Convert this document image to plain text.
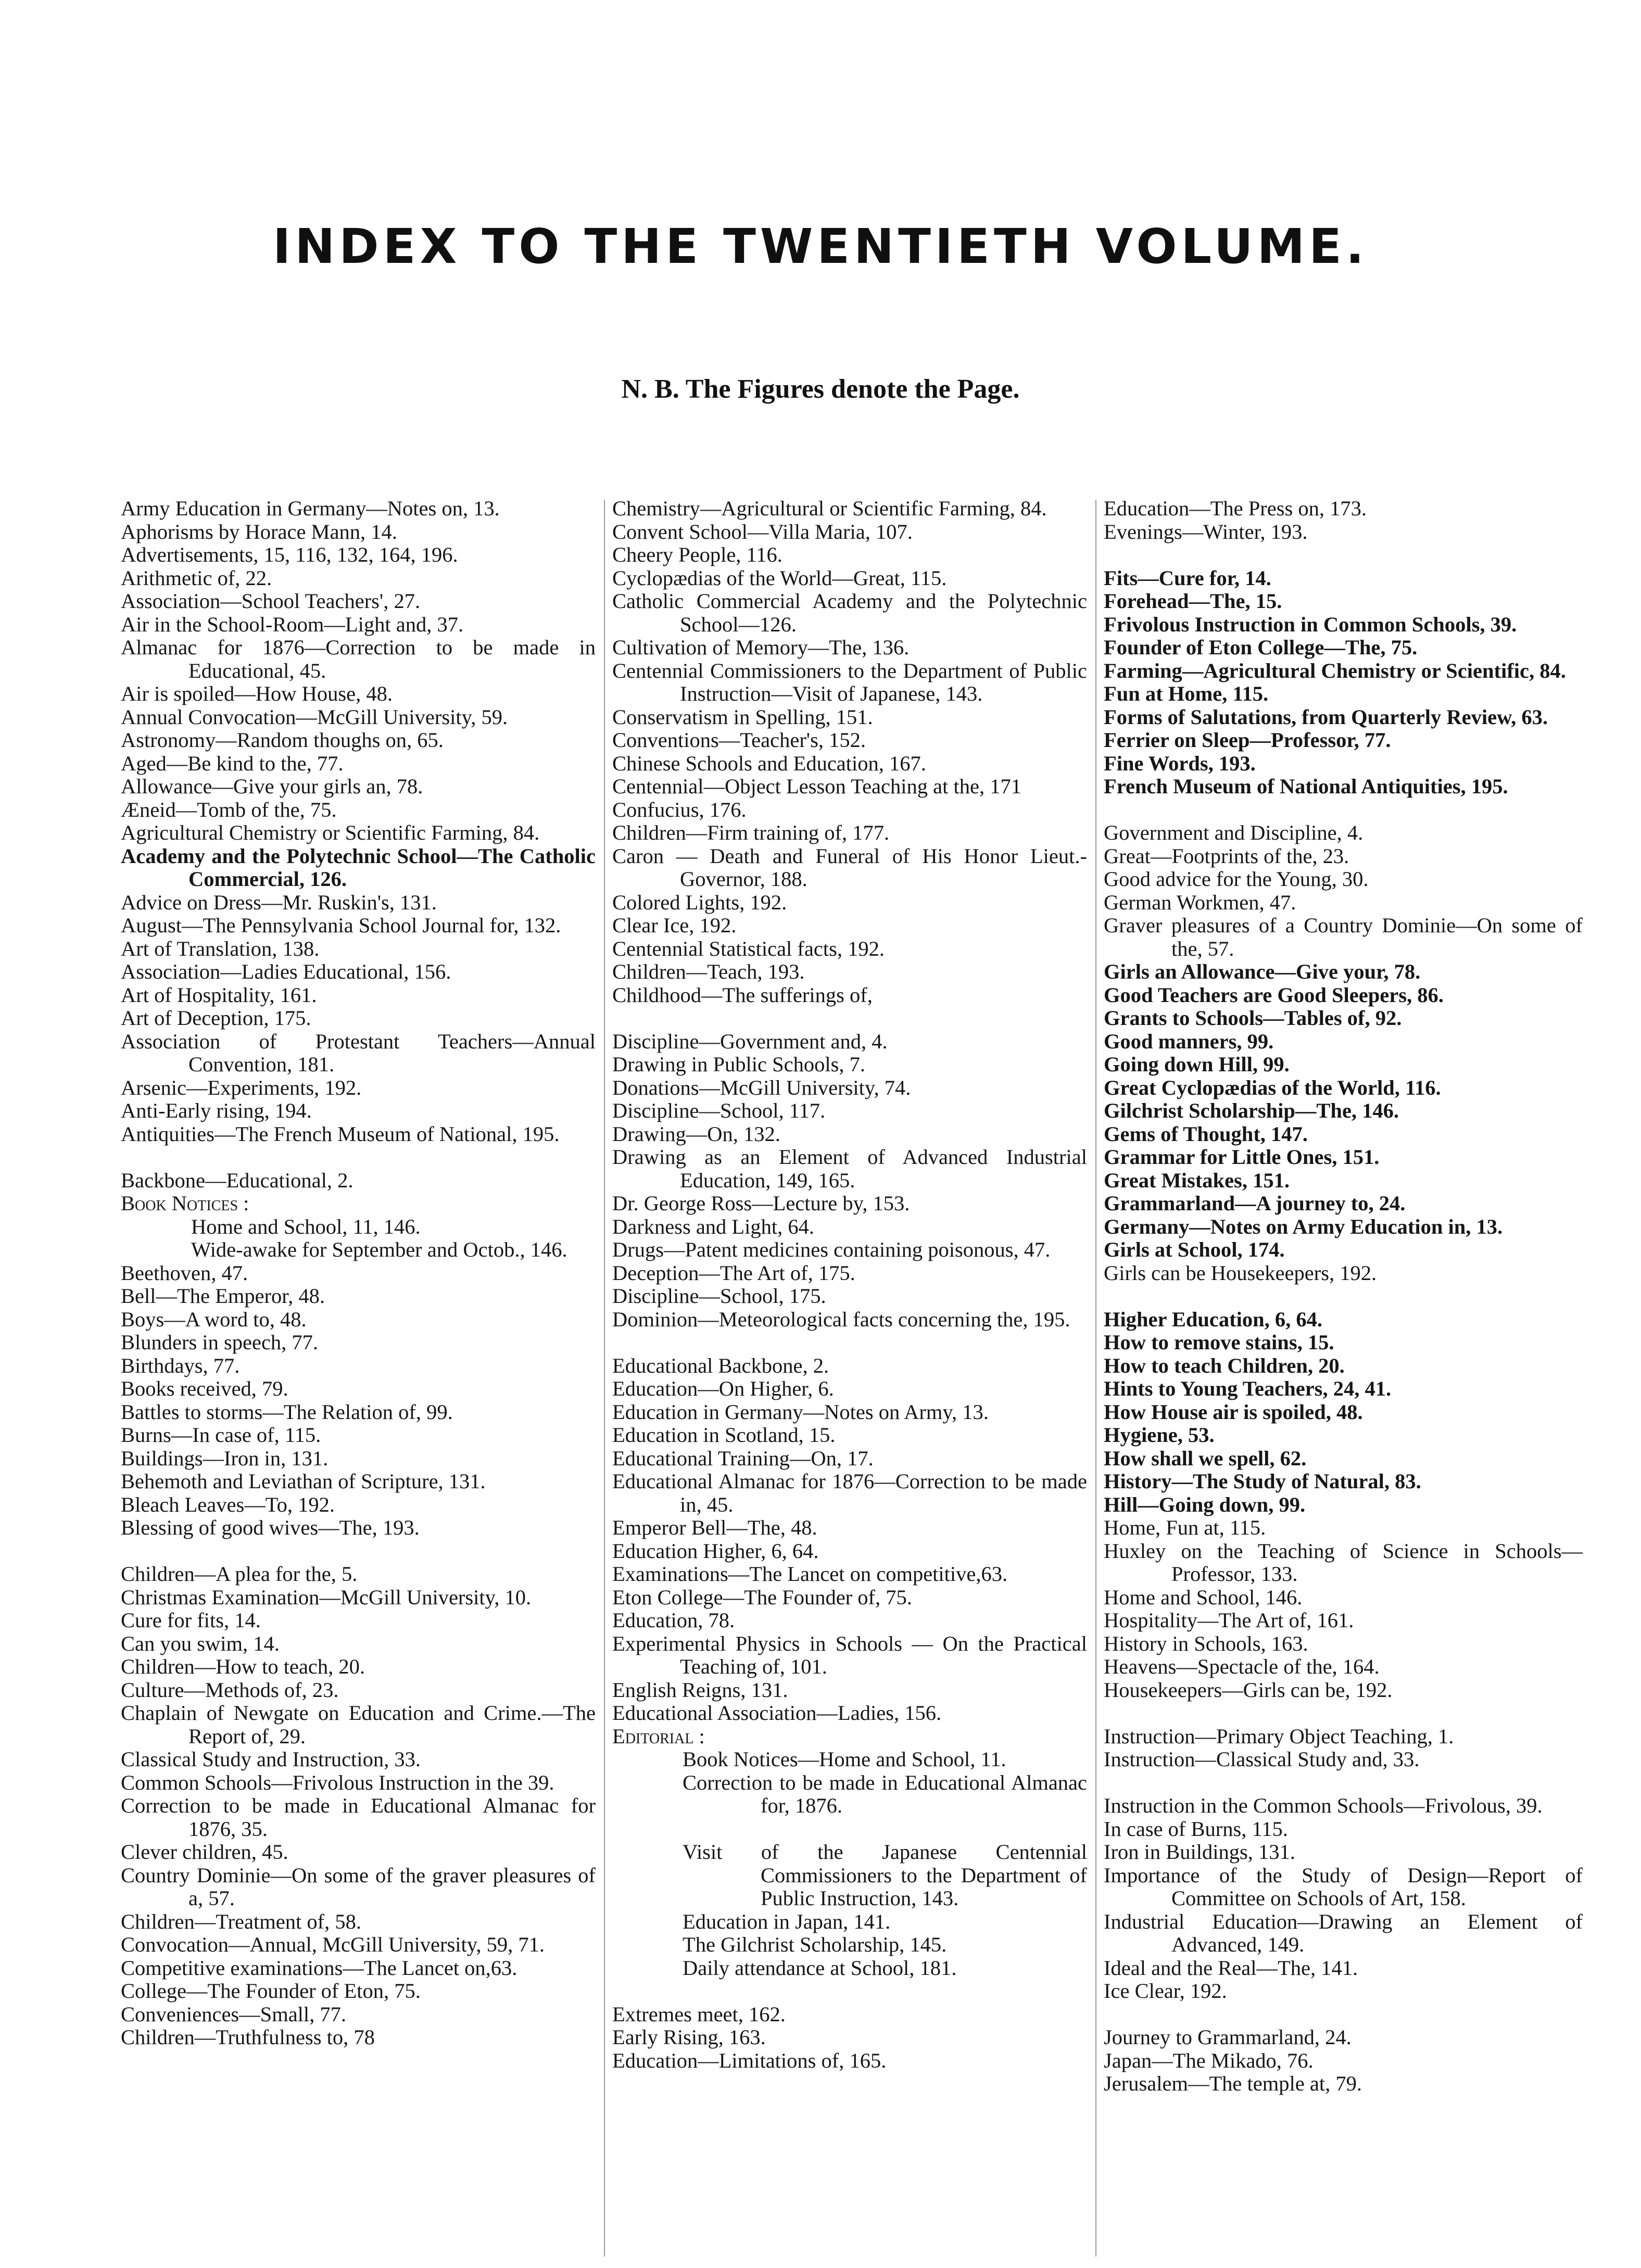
INDEX TO THE TWENTIETH VOLUME.
N. B. The Figures denote the Page.
Army Education in Germany—Notes on, 13.
Aphorisms by Horace Mann, 14.
Advertisements, 15, 116, 132, 164, 196.
Arithmetic of, 22.
Association—School Teachers', 27.
Air in the School-Room—Light and, 37.
Almanac for 1876—Correction to be made in Educational, 45.
Air is spoiled—How House, 48.
Annual Convocation—McGill University, 59.
Astronomy—Random thoughs on, 65.
Aged—Be kind to the, 77.
Allowance—Give your girls an, 78.
Æneid—Tomb of the, 75.
Agricultural Chemistry or Scientific Farming, 84.
Academy and the Polytechnic School—The Catholic Commercial, 126.
Advice on Dress—Mr. Ruskin's, 131.
August—The Pennsylvania School Journal for, 132.
Art of Translation, 138.
Association—Ladies Educational, 156.
Art of Hospitality, 161.
Art of Deception, 175.
Association of Protestant Teachers—Annual Convention, 181.
Arsenic—Experiments, 192.
Anti-Early rising, 194.
Antiquities—The French Museum of National, 195.
Backbone—Educational, 2.
Book Notices :
Home and School, 11, 146.
Wide-awake for September and Octob., 146.
Beethoven, 47.
Bell—The Emperor, 48.
Boys—A word to, 48.
Blunders in speech, 77.
Birthdays, 77.
Books received, 79.
Battles to storms—The Relation of, 99.
Burns—In case of, 115.
Buildings—Iron in, 131.
Behemoth and Leviathan of Scripture, 131.
Bleach Leaves—To, 192.
Blessing of good wives—The, 193.
Children—A plea for the, 5.
Christmas Examination—McGill University, 10.
Cure for fits, 14.
Can you swim, 14.
Children—How to teach, 20.
Culture—Methods of, 23.
Chaplain of Newgate on Education and Crime.—The Report of, 29.
Classical Study and Instruction, 33.
Common Schools—Frivolous Instruction in the 39.
Correction to be made in Educational Almanac for 1876, 35.
Clever children, 45.
Country Dominie—On some of the graver pleasures of a, 57.
Children—Treatment of, 58.
Convocation—Annual, McGill University, 59, 71.
Competitive examinations—The Lancet on,63.
College—The Founder of Eton, 75.
Conveniences—Small, 77.
Children—Truthfulness to, 78
Chemistry—Agricultural or Scientific Farming, 84.
Convent School—Villa Maria, 107.
Cheery People, 116.
Cyclopædias of the World—Great, 115.
Catholic Commercial Academy and the Polytechnic School—126.
Cultivation of Memory—The, 136.
Centennial Commissioners to the Department of Public Instruction—Visit of Japanese, 143.
Conservatism in Spelling, 151.
Conventions—Teacher's, 152.
Chinese Schools and Education, 167.
Centennial—Object Lesson Teaching at the, 171
Confucius, 176.
Children—Firm training of, 177.
Caron — Death and Funeral of His Honor Lieut.-Governor, 188.
Colored Lights, 192.
Clear Ice, 192.
Centennial Statistical facts, 192.
Children—Teach, 193.
Childhood—The sufferings of,
Discipline—Government and, 4.
Drawing in Public Schools, 7.
Donations—McGill University, 74.
Discipline—School, 117.
Drawing—On, 132.
Drawing as an Element of Advanced Industrial Education, 149, 165.
Dr. George Ross—Lecture by, 153.
Darkness and Light, 64.
Drugs—Patent medicines containing poisonous, 47.
Deception—The Art of, 175.
Discipline—School, 175.
Dominion—Meteorological facts concerning the, 195.
Educational Backbone, 2.
Education—On Higher, 6.
Education in Germany—Notes on Army, 13.
Education in Scotland, 15.
Educational Training—On, 17.
Educational Almanac for 1876—Correction to be made in, 45.
Emperor Bell—The, 48.
Education Higher, 6, 64.
Examinations—The Lancet on competitive,63.
Eton College—The Founder of, 75.
Education, 78.
Experimental Physics in Schools — On the Practical Teaching of, 101.
English Reigns, 131.
Educational Association—Ladies, 156.
Editorial :
Book Notices—Home and School, 11.
Correction to be made in Educational Almanac for, 1876.
Visit of the Japanese Centennial Commissioners to the Department of Public Instruction, 143.
Education in Japan, 141.
The Gilchrist Scholarship, 145.
Daily attendance at School, 181.
Extremes meet, 162.
Early Rising, 163.
Education—Limitations of, 165.
Education—The Press on, 173.
Evenings—Winter, 193.
Fits—Cure for, 14.
Forehead—The, 15.
Frivolous Instruction in Common Schools, 39.
Founder of Eton College—The, 75.
Farming—Agricultural Chemistry or Scientific, 84.
Fun at Home, 115.
Forms of Salutations, from Quarterly Review, 63.
Ferrier on Sleep—Professor, 77.
Fine Words, 193.
French Museum of National Antiquities, 195.
Government and Discipline, 4.
Great—Footprints of the, 23.
Good advice for the Young, 30.
German Workmen, 47.
Graver pleasures of a Country Dominie—On some of the, 57.
Girls an Allowance—Give your, 78.
Good Teachers are Good Sleepers, 86.
Grants to Schools—Tables of, 92.
Good manners, 99.
Going down Hill, 99.
Great Cyclopædias of the World, 116.
Gilchrist Scholarship—The, 146.
Gems of Thought, 147.
Grammar for Little Ones, 151.
Great Mistakes, 151.
Grammarland—A journey to, 24.
Germany—Notes on Army Education in, 13.
Girls at School, 174.
Girls can be Housekeepers, 192.
Higher Education, 6, 64.
How to remove stains, 15.
How to teach Children, 20.
Hints to Young Teachers, 24, 41.
How House air is spoiled, 48.
Hygiene, 53.
How shall we spell, 62.
History—The Study of Natural, 83.
Hill—Going down, 99.
Home, Fun at, 115.
Huxley on the Teaching of Science in Schools—Professor, 133.
Home and School, 146.
Hospitality—The Art of, 161.
History in Schools, 163.
Heavens—Spectacle of the, 164.
Housekeepers—Girls can be, 192.
Instruction—Primary Object Teaching, 1.
Instruction—Classical Study and, 33.
Instruction in the Common Schools—Frivolous, 39.
In case of Burns, 115.
Iron in Buildings, 131.
Importance of the Study of Design—Report of Committee on Schools of Art, 158.
Industrial Education—Drawing an Element of Advanced, 149.
Ideal and the Real—The, 141.
Ice Clear, 192.
Journey to Grammarland, 24.
Japan—The Mikado, 76.
Jerusalem—The temple at, 79.
